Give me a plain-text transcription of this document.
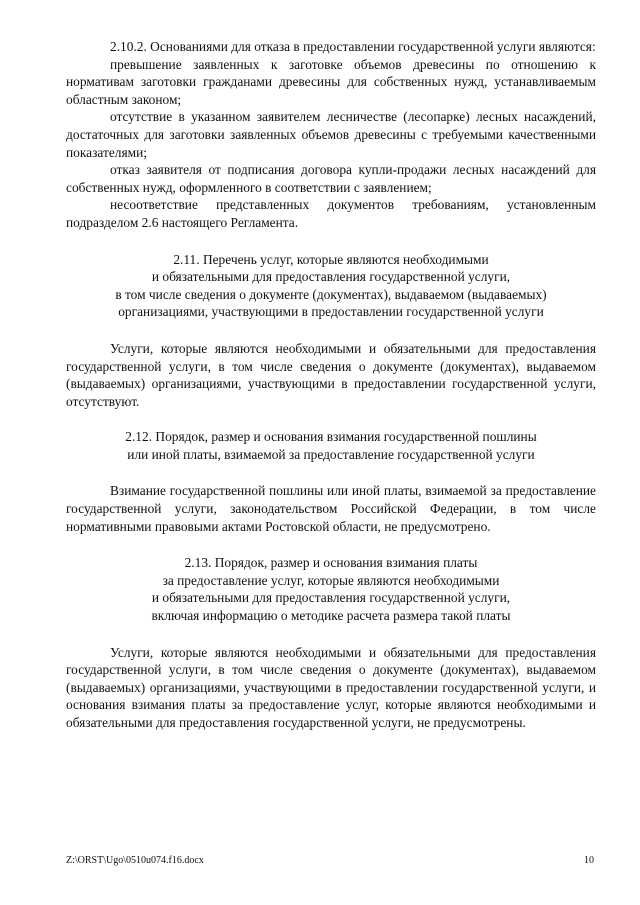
2.10.2. Основаниями для отказа в предоставлении государственной услуги являются:

превышение заявленных к заготовке объемов древесины по отношению к нормативам заготовки гражданами древесины для собственных нужд, устанавливаемым областным законом;

отсутствие в указанном заявителем лесничестве (лесопарке) лесных насаждений, достаточных для заготовки заявленных объемов древесины с требуемыми качественными показателями;

отказ заявителя от подписания договора купли-продажи лесных насаждений для собственных нужд, оформленного в соответствии с заявлением;

несоответствие представленных документов требованиям, установленным подразделом 2.6 настоящего Регламента.

2.11. Перечень услуг, которые являются необходимыми
и обязательными для предоставления государственной услуги,
в том числе сведения о документе (документах), выдаваемом (выдаваемых)
организациями, участвующими в предоставлении государственной услуги

Услуги, которые являются необходимыми и обязательными для предоставления государственной услуги, в том числе сведения о документе (документах), выдаваемом (выдаваемых) организациями, участвующими в предоставлении государственной услуги, отсутствуют.

2.12. Порядок, размер и основания взимания государственной пошлины
или иной платы, взимаемой за предоставление государственной услуги

Взимание государственной пошлины или иной платы, взимаемой за предоставление государственной услуги, законодательством Российской Федерации, в том числе нормативными правовыми актами Ростовской области, не предусмотрено.

2.13. Порядок, размер и основания взимания платы
за предоставление услуг, которые являются необходимыми
и обязательными для предоставления государственной услуги,
включая информацию о методике расчета размера такой платы

Услуги, которые являются необходимыми и обязательными для предоставления государственной услуги, в том числе сведения о документе (документах), выдаваемом (выдаваемых) организациями, участвующими в предоставлении государственной услуги, и основания взимания платы за предоставление услуг, которые являются необходимыми и обязательными для предоставления государственной услуги, не предусмотрены.

Z:\ORST\Ugo\0510u074.f16.docx	10
